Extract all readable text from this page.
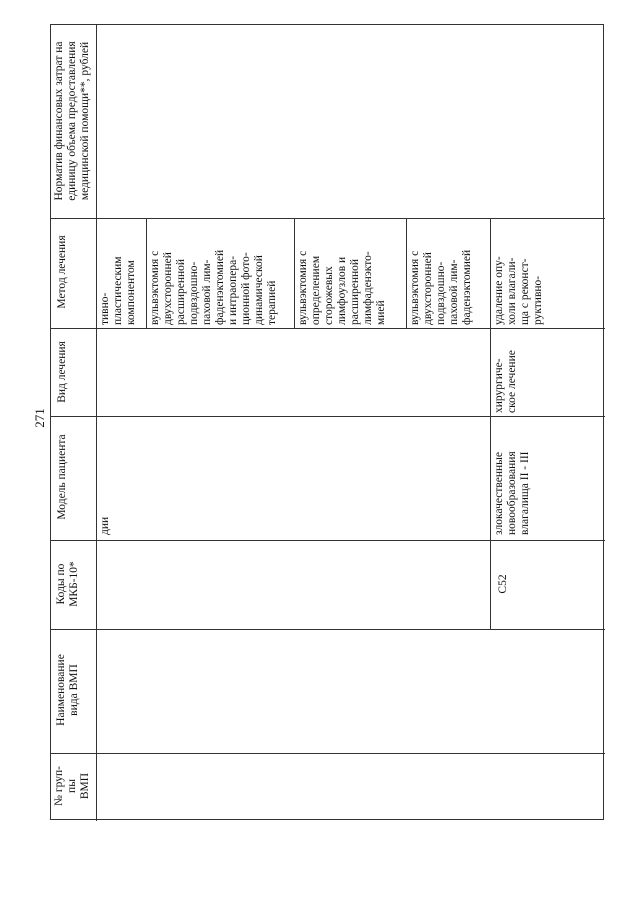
271
№ груп-
пы
ВМП
Наименование
вида ВМП
Коды по
МКБ-10*
Модель пациента
Вид лечения
Метод лечения
Норматив финансовых затрат на
единицу объема предоставления
медицинской помощи**, рублей
дии
тивно-
пластическим
компонентом вульвэктомия с
двухсторонней
расширенной
подвздошно-
паховой лим-
фаденэктомией
и интраопера-
ционной фото-
динамической
терапией вульвэктомия с
определением
сторожевых
лимфоузлов и
расширенной
лимфаденэкто-
мией вульвэктомия с
двухсторонней
подвздошно-
паховой лим-
фаденэктомией
C52
злокачественные
новообразования
влагалища II - III
хирургиче-
ское лечение
удаление опу-
холи влагали-
ща с реконст-
руктивно-
